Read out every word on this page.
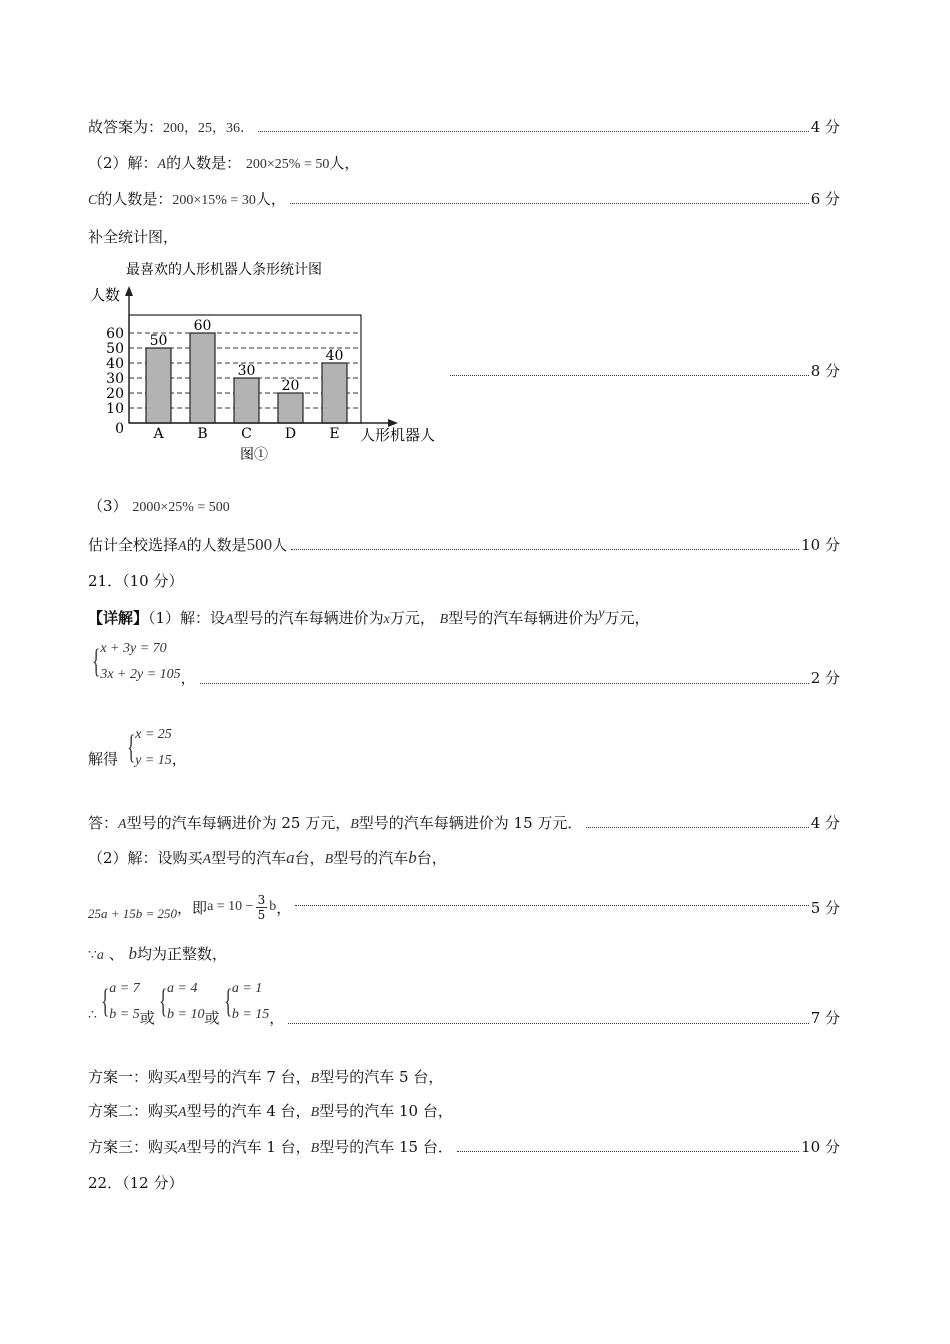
故答案为： 200，25，36．	4 分
（2）解：A的人数是： 200×25% = 50人，
C 的人数是： 200×15% = 30 人，	6 分
补全统计图，
最喜欢的人形机器人条形统计图
人数
0
10
20
30
40
50
60
A B C D E
50
60
30
20
40
人形机器人
图①
8 分
（3） 2000×25% = 500
估计全校选择 A 的人数是 500 人	10 分
21．（10 分）
【详解】（1）解：设A型号的汽车每辆进价为x万元， B型号的汽车每辆进价为y万元，
{ x + 3y = 70
3x + 2y = 105 ，	2 分
解得 { x = 25
y = 15 ，
答： A 型号的汽车每辆进价为 25 万元， B 型号的汽车每辆进价为 15 万元．	4 分
（2）解：设购买A型号的汽车a台，B型号的汽车b台，
25a + 15b = 250 ，即 $a = 10 - \frac{3}{5}$ b ，	5 分
∵a 、 b均为正整数，
∴ { a = 7
b = 5 或 { a = 4
b = 10 或 { a = 1
b = 15 ，	7 分
方案一：购买A型号的汽车 7 台，B型号的汽车 5 台，
方案二：购买A型号的汽车 4 台，B型号的汽车 10 台，
方案三：购买 A 型号的汽车 1 台， B 型号的汽车 15 台．	10 分
22．（12 分）
